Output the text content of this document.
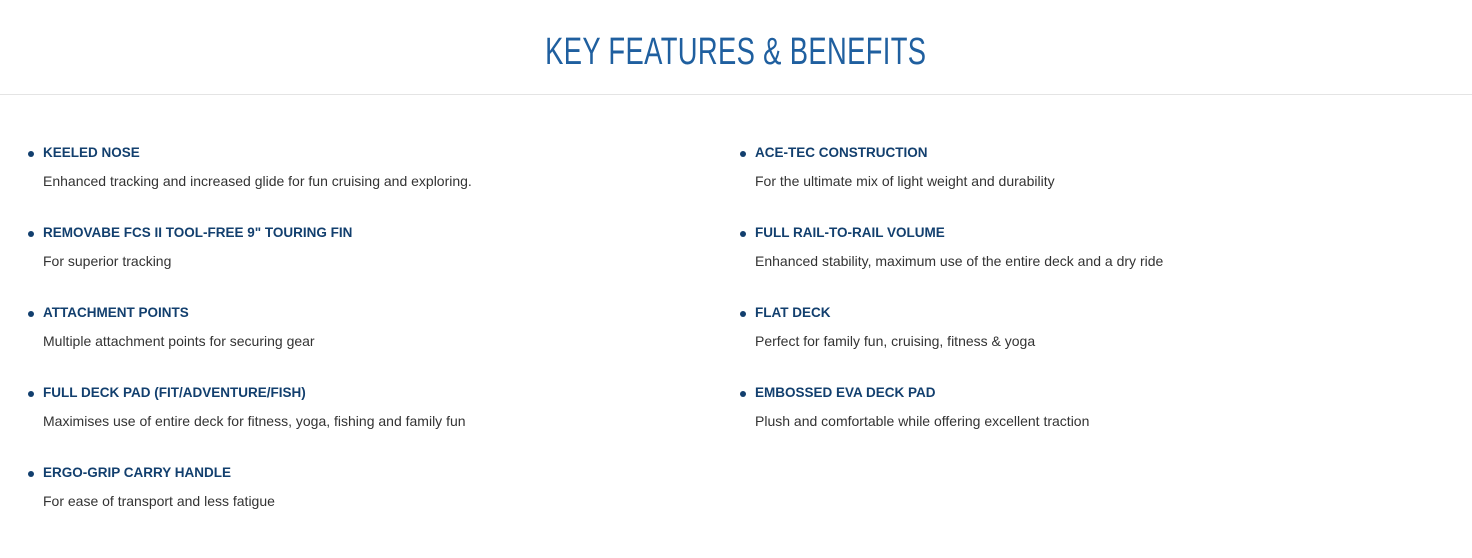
KEY FEATURES & BENEFITS

KEELED NOSE

Enhanced tracking and increased glide for fun cruising and exploring.

REMOVABE FCS II TOOL-FREE 9" TOURING FIN

For superior tracking

ATTACHMENT POINTS

Multiple attachment points for securing gear

FULL DECK PAD (FIT/ADVENTURE/FISH)

Maximises use of entire deck for fitness, yoga, fishing and family fun

ERGO-GRIP CARRY HANDLE

For ease of transport and less fatigue

ACE-TEC CONSTRUCTION

For the ultimate mix of light weight and durability

FULL RAIL-TO-RAIL VOLUME

Enhanced stability, maximum use of the entire deck and a dry ride

FLAT DECK

Perfect for family fun, cruising, fitness & yoga

EMBOSSED EVA DECK PAD

Plush and comfortable while offering excellent traction
